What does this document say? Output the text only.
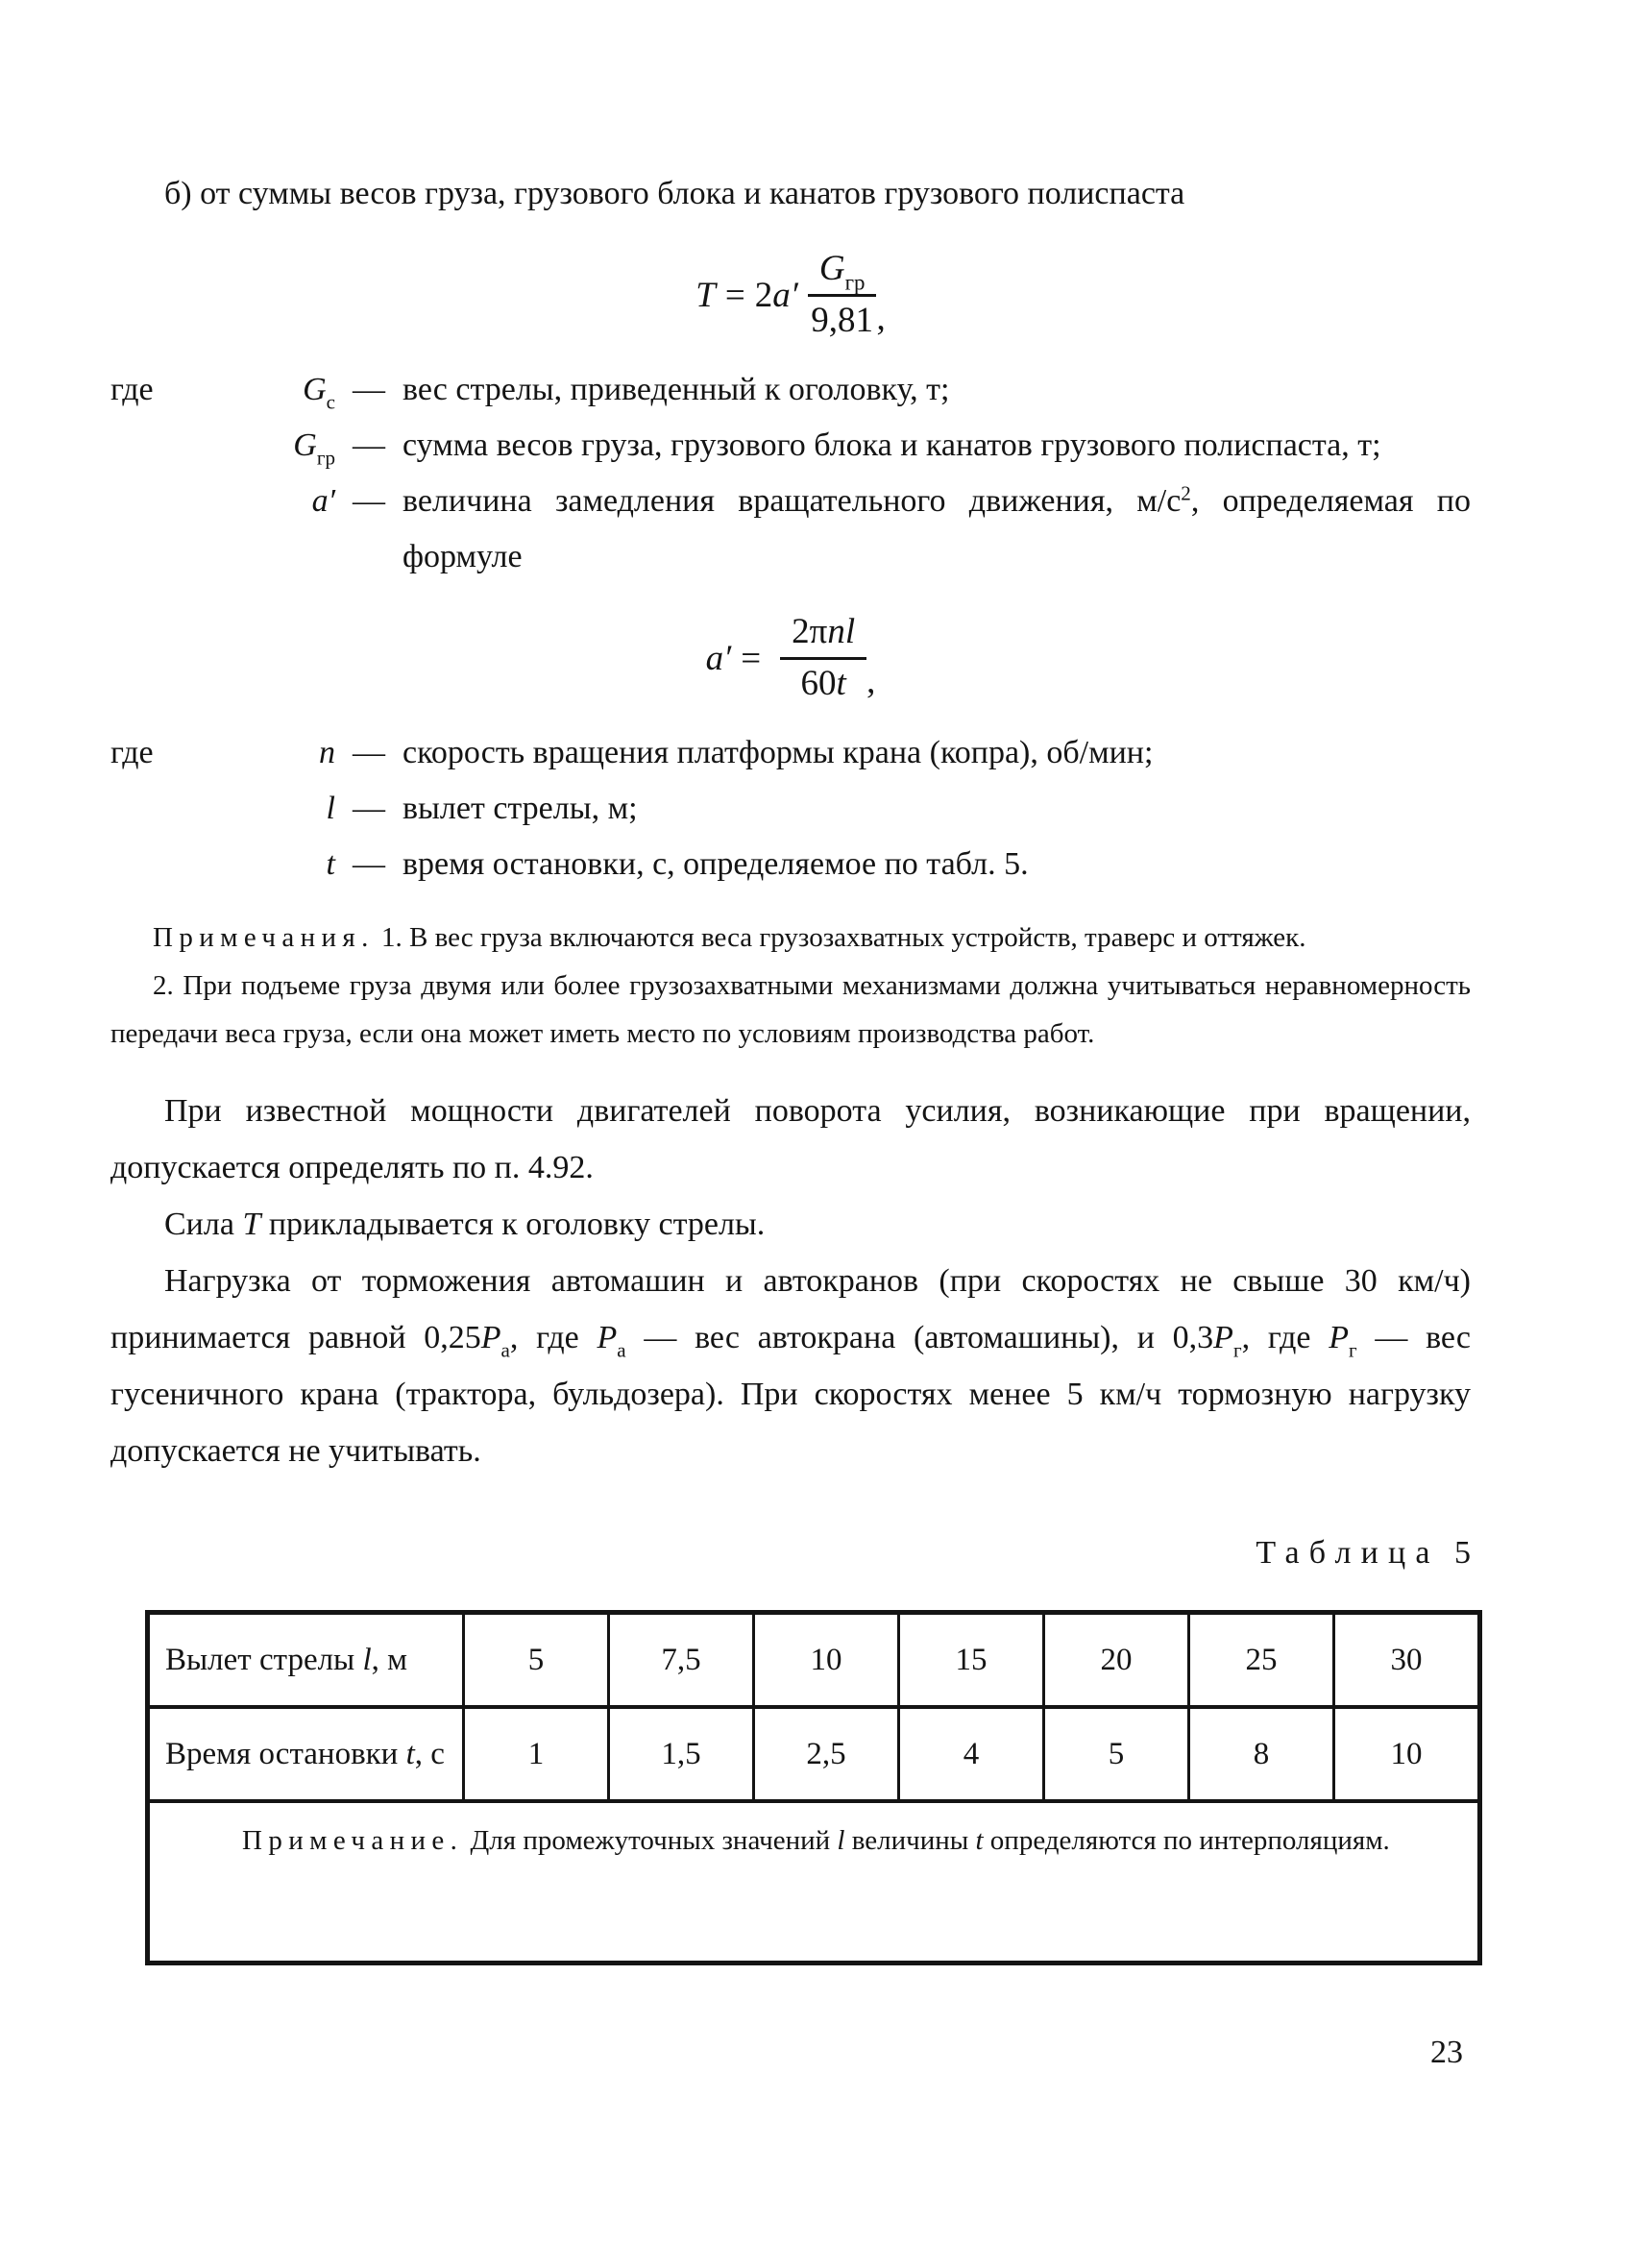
б) от суммы весов груза, грузового блока и канатов грузового полиспаста

T = 2 a ′ $\frac{G_{гр}}{9,81}$ ,
где	$G_с$ — вес стрелы, приведенный к оголовку, т;
$G_{гр}$ — сумма весов груза, грузового блока и канатов грузового полиспаста, т;
a′ — величина замедления вращательного движения, $м/с^2$, определяемая по формуле
a ′ = $\frac{\text{2πnl}}{60t}$ ,
где	n — скорость вращения платформы крана (копра), об/мин;
l — вылет стрелы, м;
t — время остановки, с, определяемое по табл. 5.

Примечания. 1. В вес груза включаются веса грузозахватных устройств, траверс и оттяжек.

2. При подъеме груза двумя или более грузозахватными механизмами должна учитываться неравномерность передачи веса груза, если она может иметь место по условиям производства работ.

При известной мощности двигателей поворота усилия, возникающие при вращении, допускается определять по п. 4.92.

Сила Т прикладывается к оголовку стрелы.

Нагрузка от торможения автомашин и автокранов (при скоростях не свыше 30 км/ч) принимается равной $0,25P_а$, где $P_а$ — вес автокрана (автомашины), и $0,3P_г$, где $P_г$ — вес гусеничного крана (трактора, бульдозера). При скоростях менее 5 км/ч тормозную нагрузку допускается не учитывать.

Таблица 5
Вылет стрелы l, м	5	7,5	10	15	20	25	30
Время остановки t, с	1	1,5	2,5	4	5	8	10

Примечание. Для промежуточных значений l величины t определяются по интерполяциям.							

23
